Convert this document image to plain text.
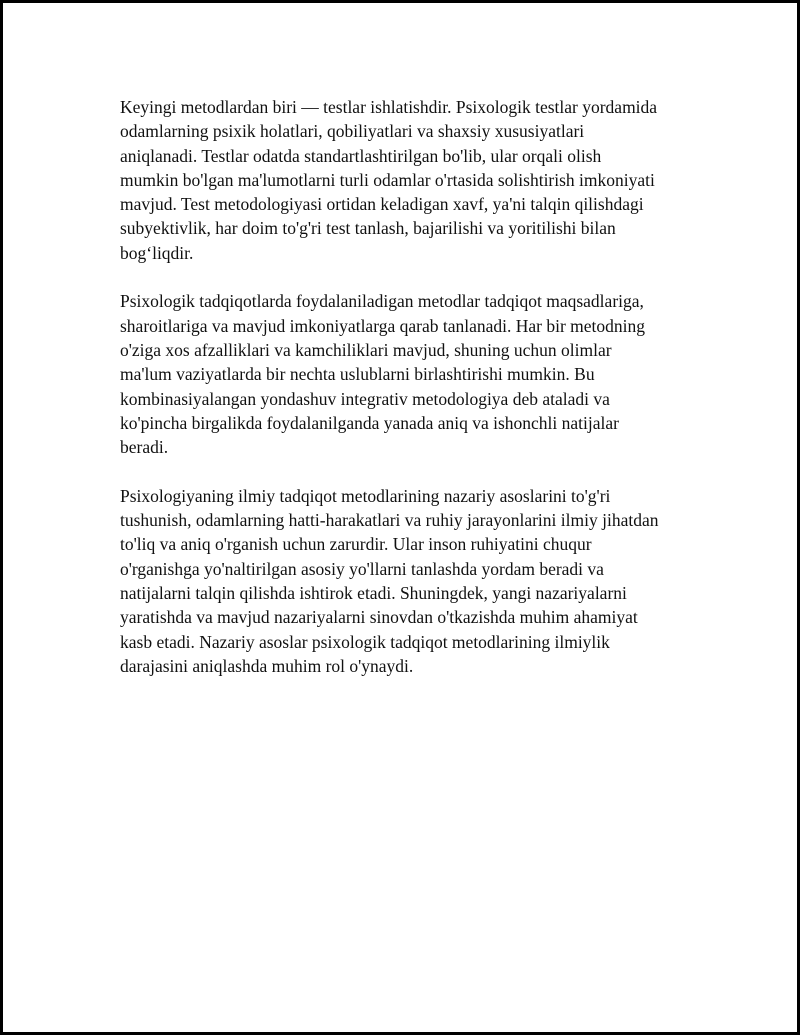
Keyingi metodlardan biri — testlar ishlatishdir. Psixologik testlar yordamida
odamlarning psixik holatlari, qobiliyatlari va shaxsiy xususiyatlari
aniqlanadi. Testlar odatda standartlashtirilgan bo'lib, ular orqali olish
mumkin bo'lgan ma'lumotlarni turli odamlar o'rtasida solishtirish imkoniyati
mavjud. Test metodologiyasi ortidan keladigan xavf, ya'ni talqin qilishdagi
subyektivlik, har doim to'g'ri test tanlash, bajarilishi va yoritilishi bilan
bog‘liqdir.

Psixologik tadqiqotlarda foydalaniladigan metodlar tadqiqot maqsadlariga,
sharoitlariga va mavjud imkoniyatlarga qarab tanlanadi. Har bir metodning
o'ziga xos afzalliklari va kamchiliklari mavjud, shuning uchun olimlar
ma'lum vaziyatlarda bir nechta uslublarni birlashtirishi mumkin. Bu
kombinasiyalangan yondashuv integrativ metodologiya deb ataladi va
ko'pincha birgalikda foydalanilganda yanada aniq va ishonchli natijalar
beradi.

Psixologiyaning ilmiy tadqiqot metodlarining nazariy asoslarini to'g'ri
tushunish, odamlarning hatti-harakatlari va ruhiy jarayonlarini ilmiy jihatdan
to'liq va aniq o'rganish uchun zarurdir. Ular inson ruhiyatini chuqur
o'rganishga yo'naltirilgan asosiy yo'llarni tanlashda yordam beradi va
natijalarni talqin qilishda ishtirok etadi. Shuningdek, yangi nazariyalarni
yaratishda va mavjud nazariyalarni sinovdan o'tkazishda muhim ahamiyat
kasb etadi. Nazariy asoslar psixologik tadqiqot metodlarining ilmiylik
darajasini aniqlashda muhim rol o'ynaydi.
